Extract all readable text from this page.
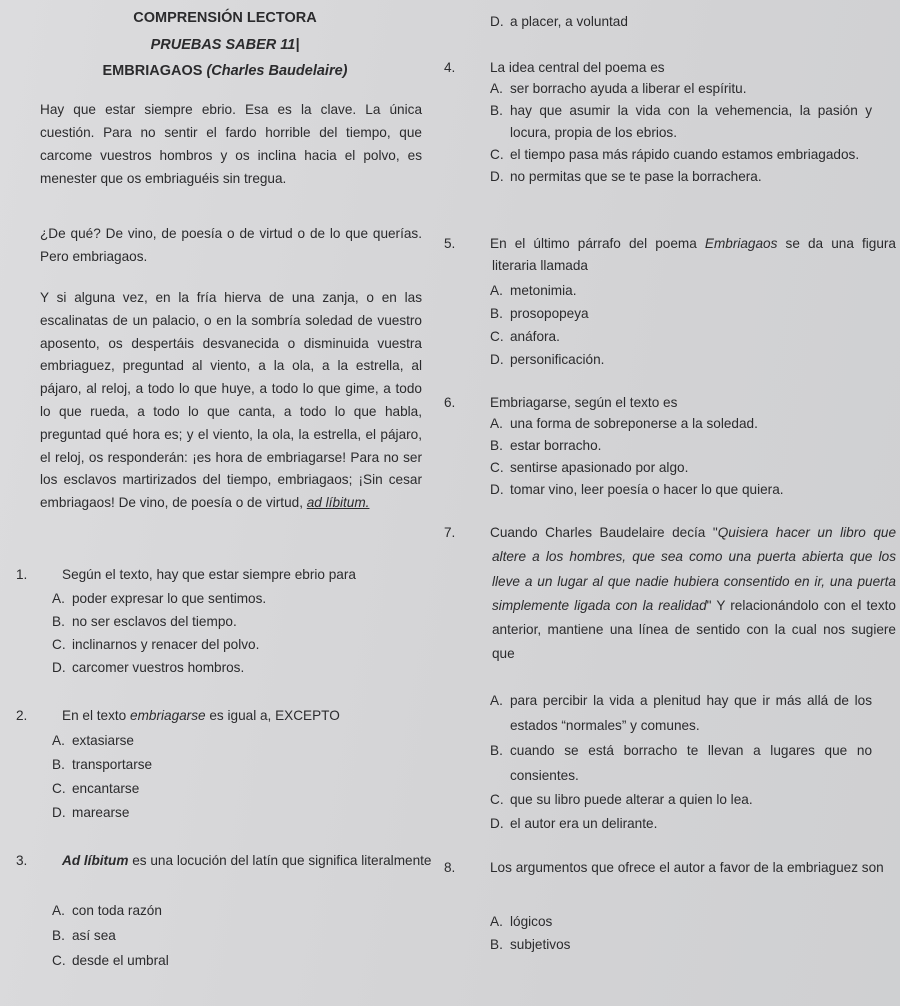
COMPRENSIÓN LECTORA
PRUEBAS SABER 11|
EMBRIAGAOS (Charles Baudelaire)
Hay que estar siempre ebrio. Esa es la clave. La única cuestión. Para no sentir el fardo horrible del tiempo, que carcome vuestros hombros y os inclina hacia el polvo, es menester que os embriaguéis sin tregua.
¿De qué? De vino, de poesía o de virtud o de lo que querías. Pero embriagaos.
Y si alguna vez, en la fría hierva de una zanja, o en las escalinatas de un palacio, o en la sombría soledad de vuestro aposento, os despertáis desvanecida o disminuida vuestra embriaguez, preguntad al viento, a la ola, a la estrella, al pájaro, al reloj, a todo lo que huye, a todo lo que gime, a todo lo que rueda, a todo lo que canta, a todo lo que habla, preguntad qué hora es; y el viento, la ola, la estrella, el pájaro, el reloj, os responderán: ¡es hora de embriagarse! Para no ser los esclavos martirizados del tiempo, embriagaos; ¡Sin cesar embriagaos! De vino, de poesía o de virtud, ad líbitum.
1.	Según el texto, hay que estar siempre ebrio para
A. poder expresar lo que sentimos.
B. no ser esclavos del tiempo.
C. inclinarnos y renacer del polvo.
D. carcomer vuestros hombros.
2.	En el texto embriagarse es igual a, EXCEPTO
A. extasiarse
B. transportarse
C. encantarse
D. marearse
3.	Ad líbitum es una locución del latín que significa literalmente
A. con toda razón
B. así sea
C. desde el umbral
D. a placer, a voluntad
4.	La idea central del poema es
A. ser borracho ayuda a liberar el espíritu.
B. hay que asumir la vida con la vehemencia, la pasión y locura, propia de los ebrios.
C. el tiempo pasa más rápido cuando estamos embriagados.
D. no permitas que se te pase la borrachera.
5.	En el último párrafo del poema Embriagaos se da una figura literaria llamada
A. metonimia.
B. prosopopeya
C. anáfora.
D. personificación.
6.	Embriagarse, según el texto es
A. una forma de sobreponerse a la soledad.
B. estar borracho.
C. sentirse apasionado por algo.
D. tomar vino, leer poesía o hacer lo que quiera.
7.	Cuando Charles Baudelaire decía "Quisiera hacer un libro que altere a los hombres, que sea como una puerta abierta que los lleve a un lugar al que nadie hubiera consentido en ir, una puerta simplemente ligada con la realidad" Y relacionándolo con el texto anterior, mantiene una línea de sentido con la cual nos sugiere que
A. para percibir la vida a plenitud hay que ir más allá de los estados “normales” y comunes.
B. cuando se está borracho te llevan a lugares que no consientes.
C. que su libro puede alterar a quien lo lea.
D. el autor era un delirante.
8.	Los argumentos que ofrece el autor a favor de la embriaguez son
A. lógicos
B. subjetivos
